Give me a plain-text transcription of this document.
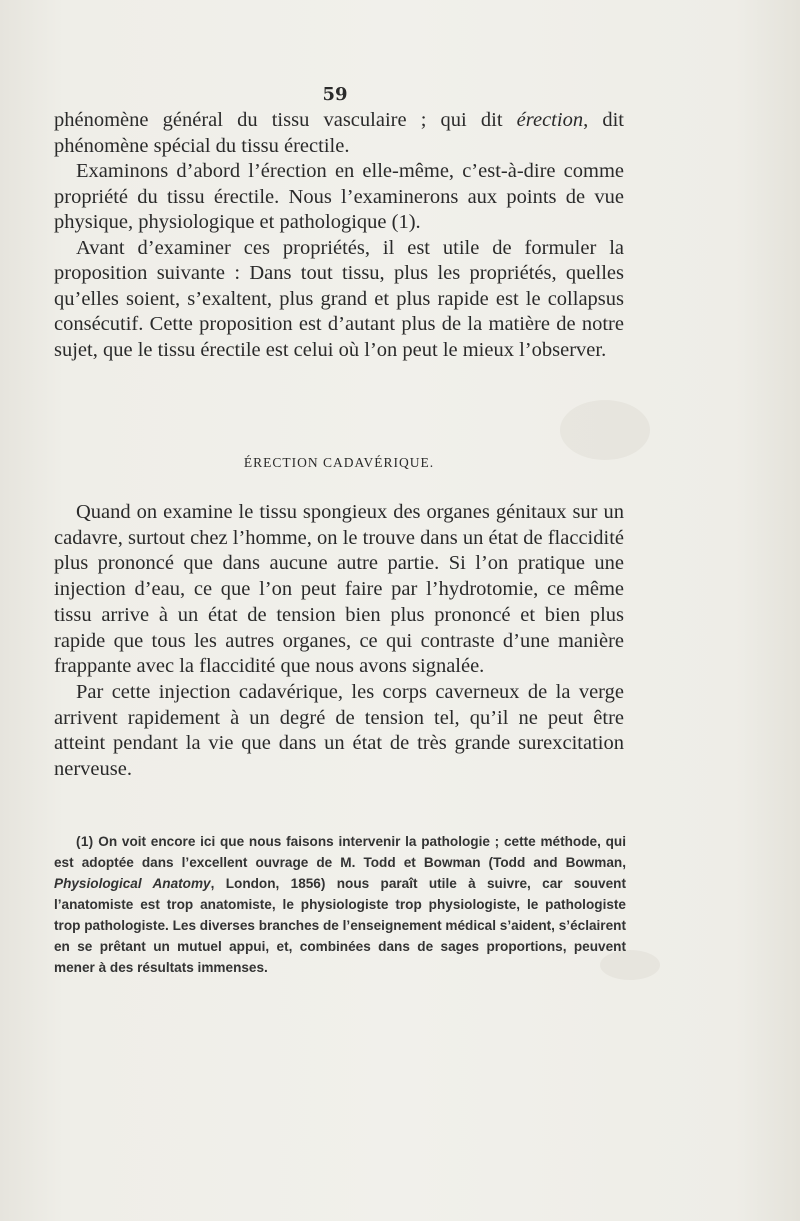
59

phénomène général du tissu vasculaire ; qui dit érection, dit phénomène spécial du tissu érectile.

Examinons d’abord l’érection en elle-même, c’est-à-dire comme propriété du tissu érectile. Nous l’examinerons aux points de vue physique, physiologique et pathologique (1).

Avant d’examiner ces propriétés, il est utile de formuler la proposition suivante : Dans tout tissu, plus les propriétés, quelles qu’elles soient, s’exaltent, plus grand et plus rapide est le collapsus consécutif. Cette proposition est d’autant plus de la matière de notre sujet, que le tissu érectile est celui où l’on peut le mieux l’observer.

ÉRECTION CADAVÉRIQUE.

Quand on examine le tissu spongieux des organes génitaux sur un cadavre, surtout chez l’homme, on le trouve dans un état de flaccidité plus prononcé que dans aucune autre partie. Si l’on pratique une injection d’eau, ce que l’on peut faire par l’hydrotomie, ce même tissu arrive à un état de tension bien plus prononcé et bien plus rapide que tous les autres organes, ce qui contraste d’une manière frappante avec la flaccidité que nous avons signalée.

Par cette injection cadavérique, les corps caverneux de la verge arrivent rapidement à un degré de tension tel, qu’il ne peut être atteint pendant la vie que dans un état de très grande surexcitation nerveuse.

(1) On voit encore ici que nous faisons intervenir la pathologie ; cette méthode, qui est adoptée dans l’excellent ouvrage de M. Todd et Bowman (Todd and Bowman, Physiological Anatomy, London, 1856) nous paraît utile à suivre, car souvent l’anatomiste est trop anatomiste, le physiologiste trop physiologiste, le pathologiste trop pathologiste. Les diverses branches de l’enseignement médical s’aident, s’éclairent en se prêtant un mutuel appui, et, combinées dans de sages proportions, peuvent mener à des résultats immenses.
